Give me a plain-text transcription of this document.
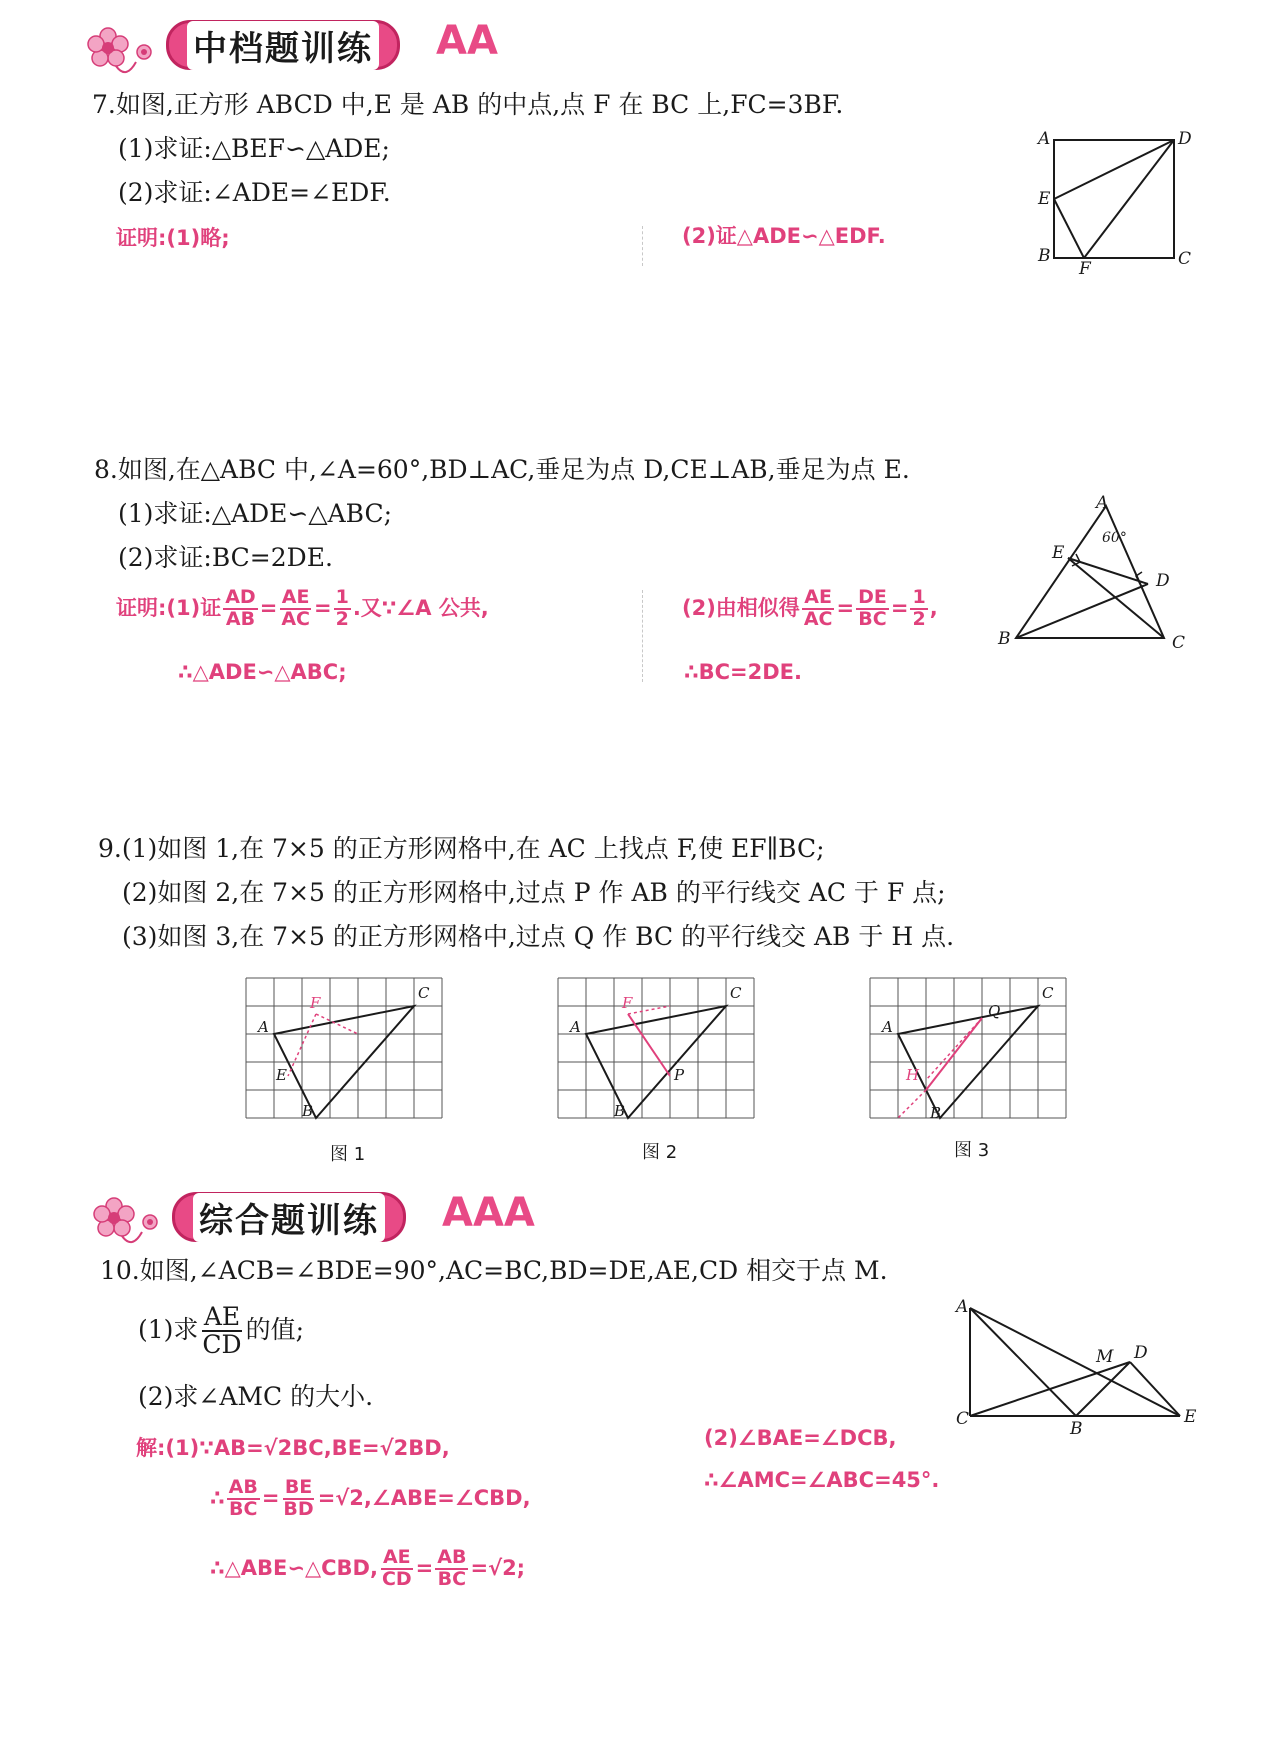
中档题训练 AA
7.如图,正方形 ABCD 中,E 是 AB 的中点,点 F 在 BC 上,FC=3BF.
(1)求证:△BEF∽△ADE;
(2)求证:∠ADE=∠EDF.
证明:(1)略;	(2)证△ADE∽△EDF.
A	D
E
B
F	C
8.如图,在△ABC 中,∠A=60°,BD⊥AC,垂足为点 D,CE⊥AB,垂足为点 E.
(1)求证:△ADE∽△ABC;
(2)求证:BC=2DE.
证明:(1)证 $\frac{AD}{AB} = \frac{AE}{AC} = \frac{1}{2}$ .又∵∠A 公共,
∴△ADE∽△ABC;
(2)由相似得 $\frac{AE}{AC} = \frac{DE}{BC} = \frac{1}{2}$ ,
∴BC=2DE.
60°
A
E
D
B	C
9.(1)如图 1,在 7×5 的正方形网格中,在 AC 上找点 F,使 EF∥BC;
(2)如图 2,在 7×5 的正方形网格中,过点 P 作 AB 的平行线交 AC 于 F 点;
(3)如图 3,在 7×5 的正方形网格中,过点 Q 作 BC 的平行线交 AB 于 H 点.
A
C
B
E
F
图 1
A
C
B
P
F
图 2
A
C
B
Q
H
图 3
综合题训练 AAA
10.如图,∠ACB=∠BDE=90°,AC=BC,BD=DE,AE,CD 相交于点 M.
(1)求 $\frac{AE}{CD}$ 的值;
(2)求∠AMC 的大小.
解:(1)∵AB=√2BC,BE=√2BD,
∴ $\frac{AB}{BC} = \frac{BE}{BD}$ =√2,∠ABE=∠CBD,
∴△ABE∽△CBD, $\frac{AE}{CD} = \frac{AB}{BC} =√2$;
(2)∠BAE=∠DCB,
∴∠AMC=∠ABC=45°.
A
C	B
E
D
M
